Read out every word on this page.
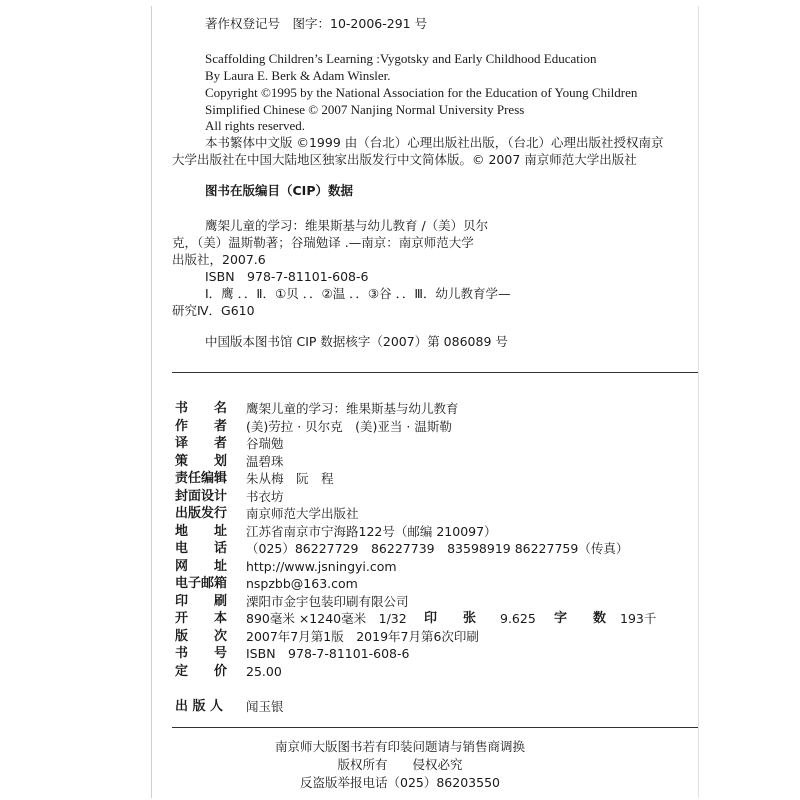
著作权登记号　图字：10-2006-291 号
Scaffolding Children’s Learning :Vygotsky and Early Childhood Education
By Laura E. Berk & Adam Winsler.
Copyright ©1995 by the National Association for the Education of Young Children
Simplified Chinese © 2007 Nanjing Normal University Press
All rights reserved.
本书繁体中文版 ©1999 由（台北）心理出版社出版，（台北）心理出版社授权南京
大学出版社在中国大陆地区独家出版发行中文简体版。© 2007 南京师范大学出版社
图书在版编目（CIP）数据
鹰架儿童的学习：维果斯基与幼儿教育 /（美）贝尔
克，（美）温斯勒著；谷瑞勉译 .—南京：南京师范大学
出版社，2007.6
ISBN　978-7-81101-608-6
Ⅰ．鹰 ．．Ⅱ．①贝 ．．②温 ．．③谷 ．．Ⅲ．幼儿教育学—
研究Ⅳ．G610
中国版本图书馆 CIP 数据核字（2007）第 086089 号
书　　名 鹰架儿童的学习：维果斯基与幼儿教育
作　　者 (美)劳拉 · 贝尔克　(美)亚当 · 温斯勒
译　　者 谷瑞勉
策　　划 温碧珠
责任编辑 朱从梅　阮　程
封面设计 书衣坊
出版发行 南京师范大学出版社
地　　址 江苏省南京市宁海路122号（邮编 210097）
电　　话 （025）86227729　86227739　83598919 86227759（传真）
网　　址 http://www.jsningyi.com
电子邮箱 nspzbb@163.com
印　　刷 溧阳市金宇包装印刷有限公司
开　　本 890毫米 ×1240毫米　1/32
版　　次 2007年7月第1版　2019年7月第6次印刷
书　　号 ISBN　978-7-81101-608-6
定　　价 25.00
印　　张 9.625 字　　数 193千
出 版 人 闻玉银
南京师大版图书若有印装问题请与销售商调换
版权所有　　侵权必究
反盗版举报电话（025）86203550
